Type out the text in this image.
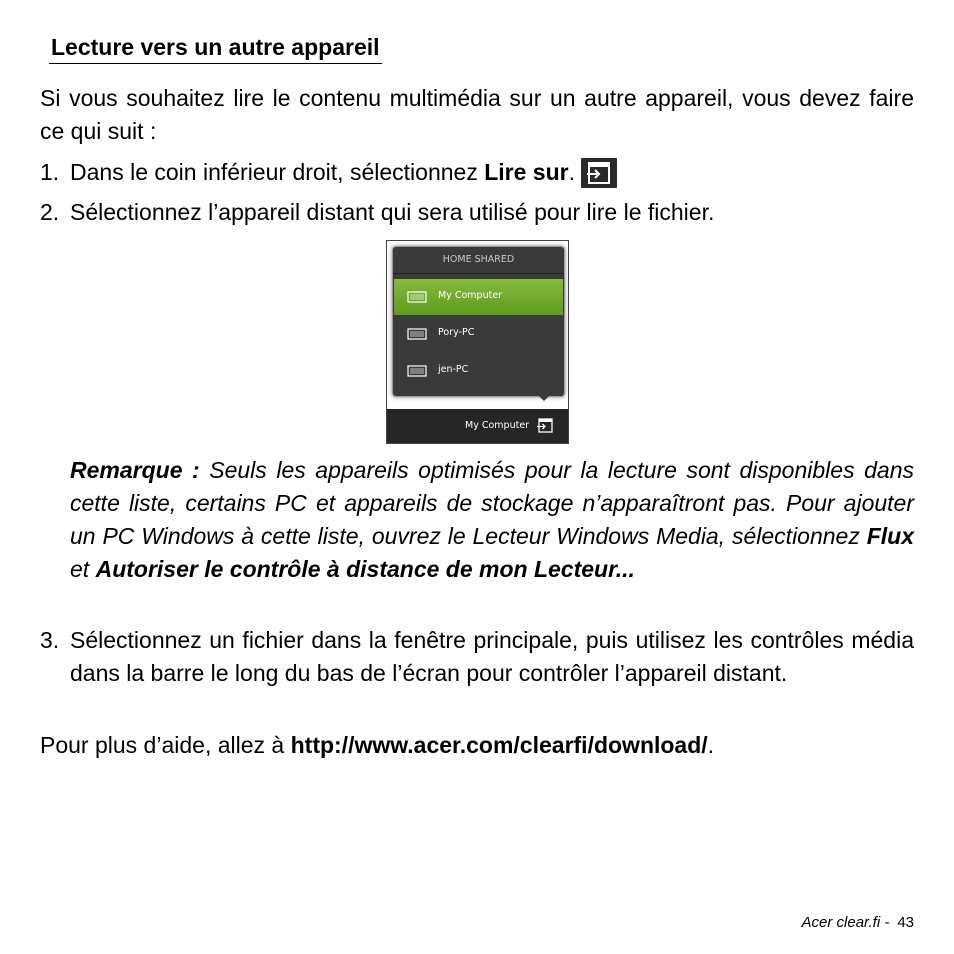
Lecture vers un autre appareil
Si vous souhaitez lire le contenu multimédia sur un autre appareil, vous devez faire ce qui suit :
1. Dans le coin inférieur droit, sélectionnez Lire sur.
2. Sélectionnez l’appareil distant qui sera utilisé pour lire le fichier.
HOME SHARED
My Computer
Pory-PC
jen-PC
My Computer
Remarque : Seuls les appareils optimisés pour la lecture sont disponibles dans cette liste, certains PC et appareils de stockage n’apparaîtront pas. Pour ajouter un PC Windows à cette liste, ouvrez le Lecteur Windows Media, sélectionnez Flux et Autoriser le contrôle à distance de mon Lecteur...
3. Sélectionnez un fichier dans la fenêtre principale, puis utilisez les contrôles média dans la barre le long du bas de l’écran pour contrôler l’appareil distant.
Pour plus d’aide, allez à http://www.acer.com/clearfi/download/.
Acer clear.fi - 43
